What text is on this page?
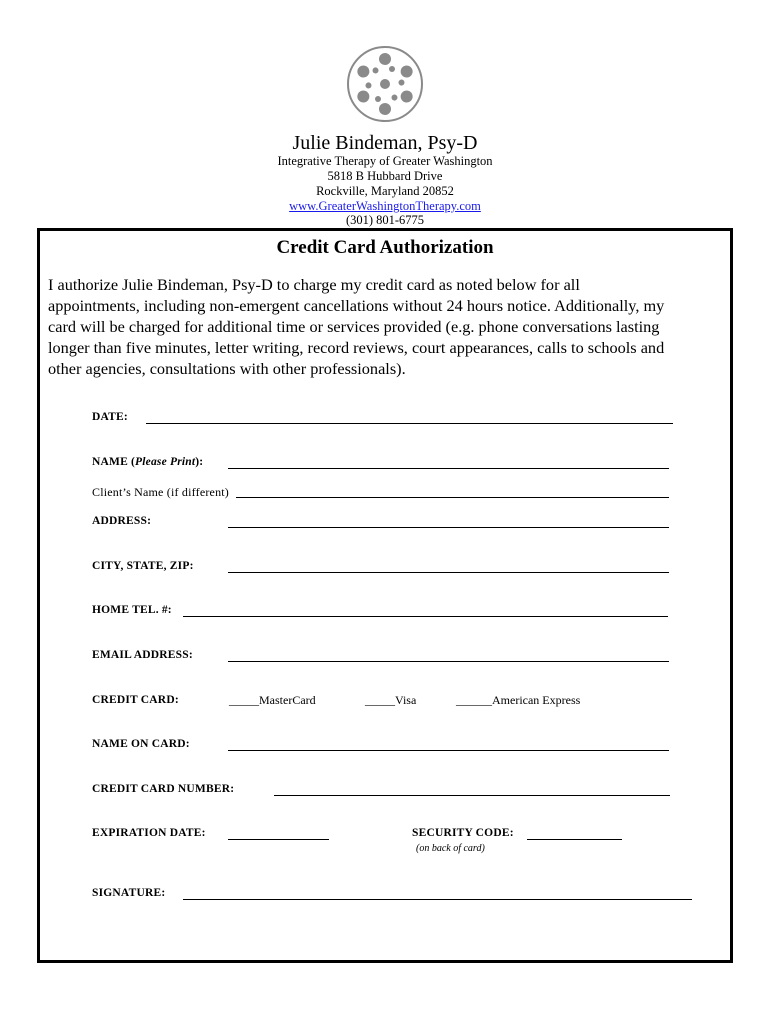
Julie Bindeman, Psy-D
Integrative Therapy of Greater Washington
5818 B Hubbard Drive
Rockville, Maryland 20852
www.GreaterWashingtonTherapy.com
(301) 801-6775
Credit Card Authorization
I authorize Julie Bindeman, Psy-D to charge my credit card as noted below for all
appointments, including non-emergent cancellations without 24 hours notice. Additionally, my
card will be charged for additional time or services provided (e.g. phone conversations lasting
longer than five minutes, letter writing, record reviews, court appearances, calls to schools and
other agencies, consultations with other professionals).
DATE:
NAME (Please Print):
Client’s Name (if different)
ADDRESS:
CITY, STATE, ZIP:
HOME TEL. #:
EMAIL ADDRESS:
CREDIT CARD:	_____MasterCard	_____Visa	______American Express
NAME ON CARD:
CREDIT CARD NUMBER:
EXPIRATION DATE:	SECURITY CODE:
(on back of card)
SIGNATURE:
